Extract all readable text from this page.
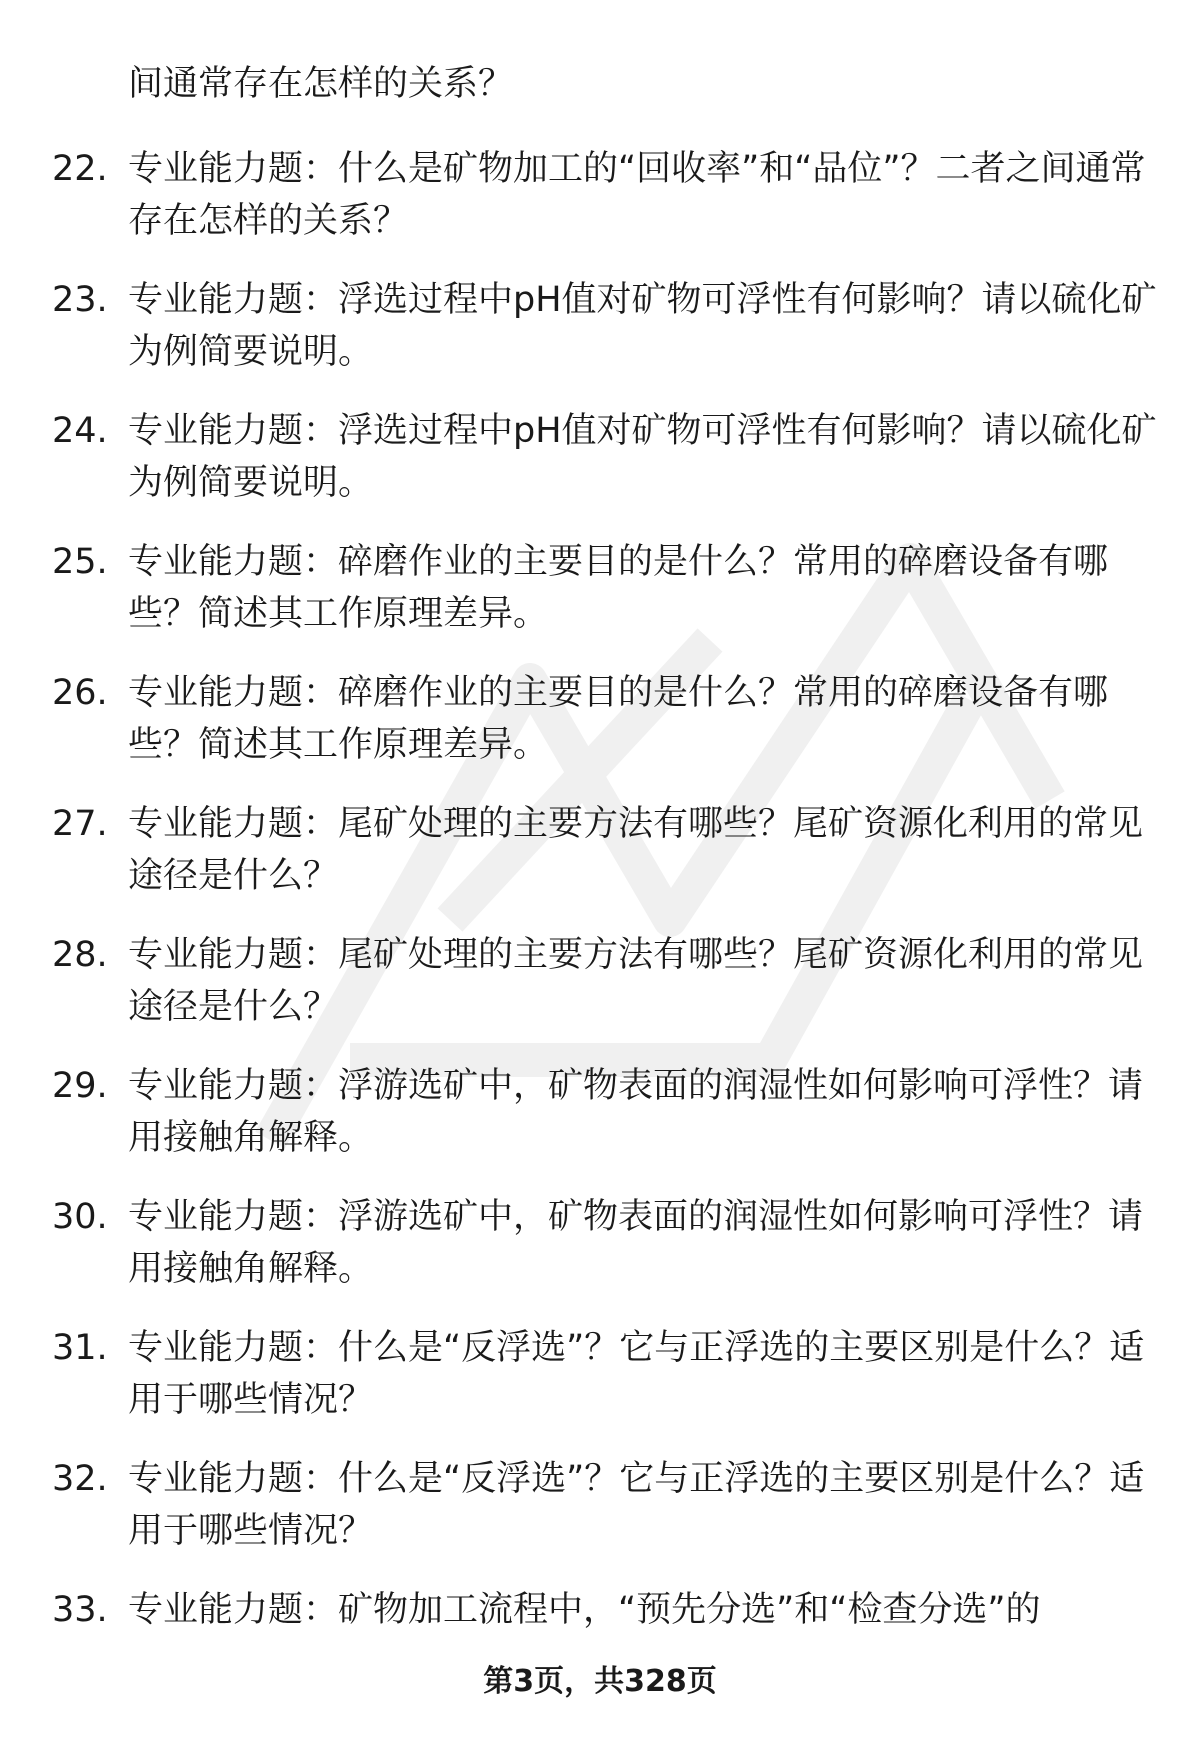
间通常存在怎样的关系？

22. 专业能力题：什么是矿物加工的“回收率”和“品位”？二者之间通常存在怎样的关系？

23. 专业能力题：浮选过程中pH值对矿物可浮性有何影响？请以硫化矿为例简要说明。

24. 专业能力题：浮选过程中pH值对矿物可浮性有何影响？请以硫化矿为例简要说明。

25. 专业能力题：碎磨作业的主要目的是什么？常用的碎磨设备有哪些？简述其工作原理差异。

26. 专业能力题：碎磨作业的主要目的是什么？常用的碎磨设备有哪些？简述其工作原理差异。

27. 专业能力题：尾矿处理的主要方法有哪些？尾矿资源化利用的常见途径是什么？

28. 专业能力题：尾矿处理的主要方法有哪些？尾矿资源化利用的常见途径是什么？

29. 专业能力题：浮游选矿中，矿物表面的润湿性如何影响可浮性？请用接触角解释。

30. 专业能力题：浮游选矿中，矿物表面的润湿性如何影响可浮性？请用接触角解释。

31. 专业能力题：什么是“反浮选”？它与正浮选的主要区别是什么？适用于哪些情况？

32. 专业能力题：什么是“反浮选”？它与正浮选的主要区别是什么？适用于哪些情况？

33. 专业能力题：矿物加工流程中，“预先分选”和“检查分选”的

第3页，共328页
